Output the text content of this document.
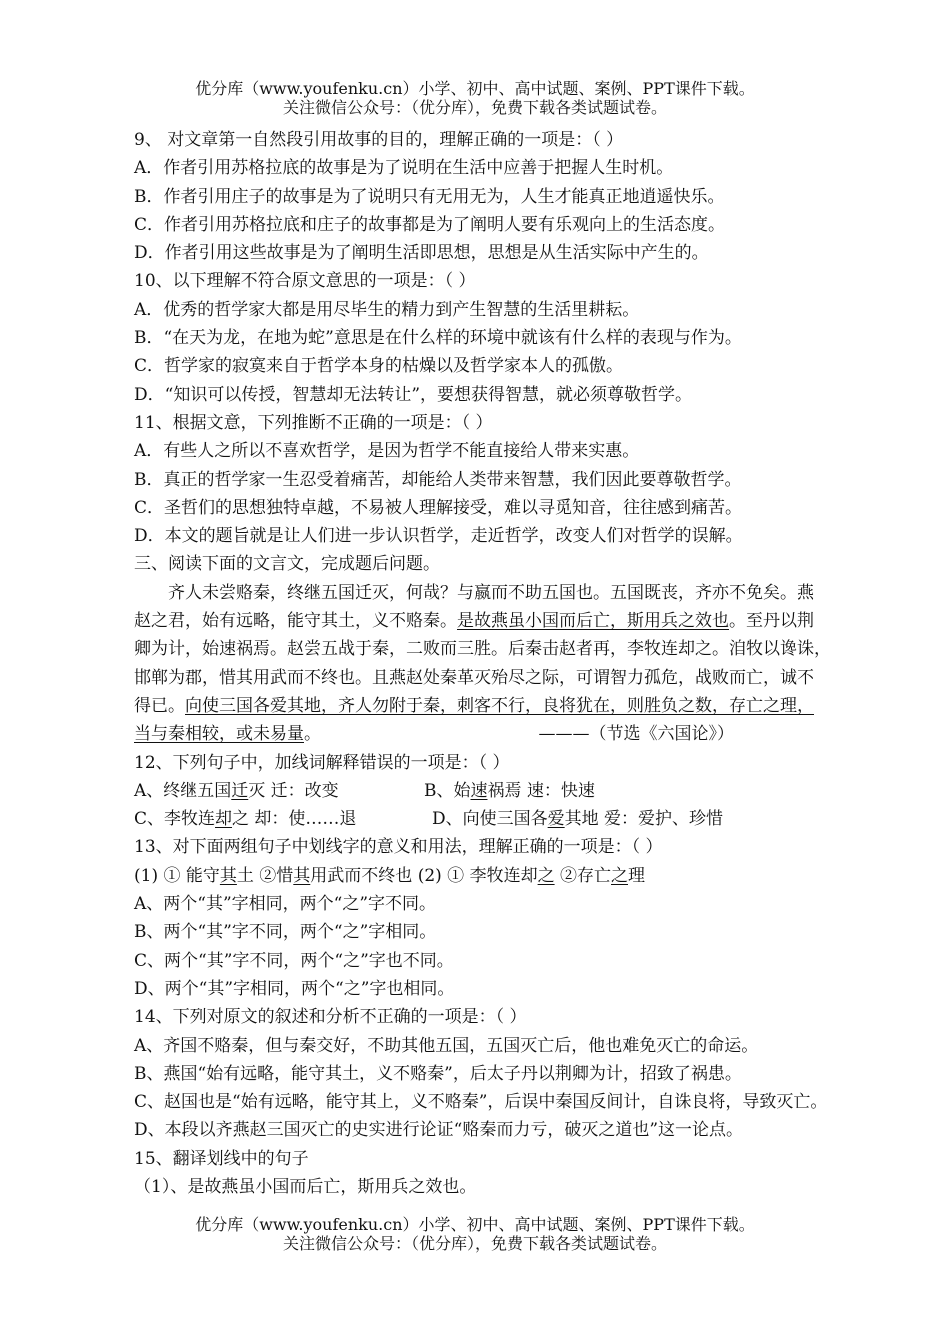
优分库（www.youfenku.cn）小学、初中、高中试题、案例、PPT课件下载。
关注微信公众号：（优分库），免费下载各类试题试卷。
9、 对文章第一自然段引用故事的目的，理解正确的一项是：（ ）
A．作者引用苏格拉底的故事是为了说明在生活中应善于把握人生时机。
B．作者引用庄子的故事是为了说明只有无用无为，人生才能真正地逍遥快乐。
C．作者引用苏格拉底和庄子的故事都是为了阐明人要有乐观向上的生活态度。
D．作者引用这些故事是为了阐明生活即思想，思想是从生活实际中产生的。
10、以下理解不符合原文意思的一项是：（ ）
A．优秀的哲学家大都是用尽毕生的精力到产生智慧的生活里耕耘。
B．“在天为龙，在地为蛇”意思是在什么样的环境中就该有什么样的表现与作为。
C．哲学家的寂寞来自于哲学本身的枯燥以及哲学家本人的孤傲。
D．“知识可以传授，智慧却无法转让”，要想获得智慧，就必须尊敬哲学。
11、根据文意，下列推断不正确的一项是：（ ）
A．有些人之所以不喜欢哲学，是因为哲学不能直接给人带来实惠。
B．真正的哲学家一生忍受着痛苦，却能给人类带来智慧，我们因此要尊敬哲学。
C．圣哲们的思想独特卓越，不易被人理解接受，难以寻觅知音，往往感到痛苦。
D．本文的题旨就是让人们进一步认识哲学，走近哲学，改变人们对哲学的误解。
三、阅读下面的文言文，完成题后问题。
齐人未尝赂秦，终继五国迁灭，何哉？与嬴而不助五国也。五国既丧，齐亦不免矣。燕
赵之君，始有远略，能守其土，义不赂秦。是故燕虽小国而后亡，斯用兵之效也。至丹以荆
卿为计，始速祸焉。赵尝五战于秦，二败而三胜。后秦击赵者再，李牧连却之。洎牧以谗诛，
邯郸为郡，惜其用武而不终也。且燕赵处秦革灭殆尽之际，可谓智力孤危，战败而亡，诚不
得已。向使三国各爱其地，齐人勿附于秦，刺客不行，良将犹在，则胜负之数，存亡之理，
当与秦相较，或未易量。	———（节选《六国论》）
12、下列句子中，加线词解释错误的一项是：（ ）
A、终继五国迁灭 迁：改变	B、始速祸焉 速：快速
C、李牧连却之 却：使……退	D、向使三国各爱其地 爱：爱护、珍惜
13、对下面两组句子中划线字的意义和用法，理解正确的一项是：（ ）
(1) ① 能守其土 ②惜其用武而不终也 (2) ① 李牧连却之 ②存亡之理
A、两个“其”字相同，两个“之”字不同。
B、两个“其”字不同，两个“之”字相同。
C、两个“其”字不同，两个“之”字也不同。
D、两个“其”字相同，两个“之”字也相同。
14、下列对原文的叙述和分析不正确的一项是：（ ）
A、齐国不赂秦，但与秦交好，不助其他五国，五国灭亡后，他也难免灭亡的命运。
B、燕国“始有远略，能守其土，义不赂秦”，后太子丹以荆卿为计，招致了祸患。
C、赵国也是“始有远略，能守其上，义不赂秦”，后误中秦国反间计，自诛良将，导致灭亡。
D、本段以齐燕赵三国灭亡的史实进行论证“赂秦而力亏，破灭之道也”这一论点。
15、翻译划线中的句子
（1）、是故燕虽小国而后亡，斯用兵之效也。
优分库（www.youfenku.cn）小学、初中、高中试题、案例、PPT课件下载。
关注微信公众号：（优分库），免费下载各类试题试卷。
